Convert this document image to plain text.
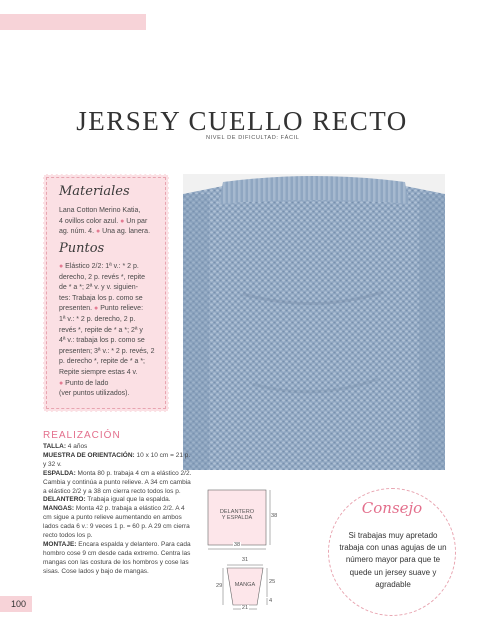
JERSEY CUELLO RECTO
NIVEL DE DIFICULTAD: FÁCIL
Materiales
Lana Cotton Merino Katia,
4 ovillos color azul. ● Un par
ag. núm. 4. ● Una ag. lanera.
Puntos
● Elástico 2/2: 1ª v.: * 2 p.
derecho, 2 p. revés *, repite
de * a *; 2ª v. y v. siguien-
tes: Trabaja los p. como se
presenten. ● Punto relieve:
1ª v.: * 2 p. derecho, 2 p.
revés *, repite de * a *; 2ª y
4ª v.: trabaja los p. como se
presenten; 3ª v.: * 2 p. revés, 2
p. derecho *, repite de * a *;
Repite siempre estas 4 v.
● Punto de lado
(ver puntos utilizados).
REALIZACIÓN
TALLA: 4 años
MUESTRA DE ORIENTACIÓN: 10 x 10 cm = 21 p. y 32 v.
ESPALDA: Monta 80 p. trabaja 4 cm a elástico 2/2. Cambia y continúa a punto relieve. A 34 cm cambia a elástico 2/2 y a 38 cm cierra recto todos los p.
DELANTERO: Trabaja igual que la espalda.
MANGAS: Monta 42 p. trabaja a elástico 2/2. A 4 cm sigue a punto relieve aumentando en ambos lados cada 6 v.: 9 veces 1 p. = 60 p. A 29 cm cierra recto todos los p.
MONTAJE: Encara espalda y delantero. Para cada hombro cose 9 cm desde cada extremo. Centra las mangas con las costura de los hombros y cose las sisas. Cose lados y bajo de mangas.
DELANTERO
Y ESPALDA	38
38
31
MANGA
29
25
4
21
Consejo
Si trabajas muy apretado trabaja con unas agujas de un número mayor para que te quede un jersey suave y agradable
100
